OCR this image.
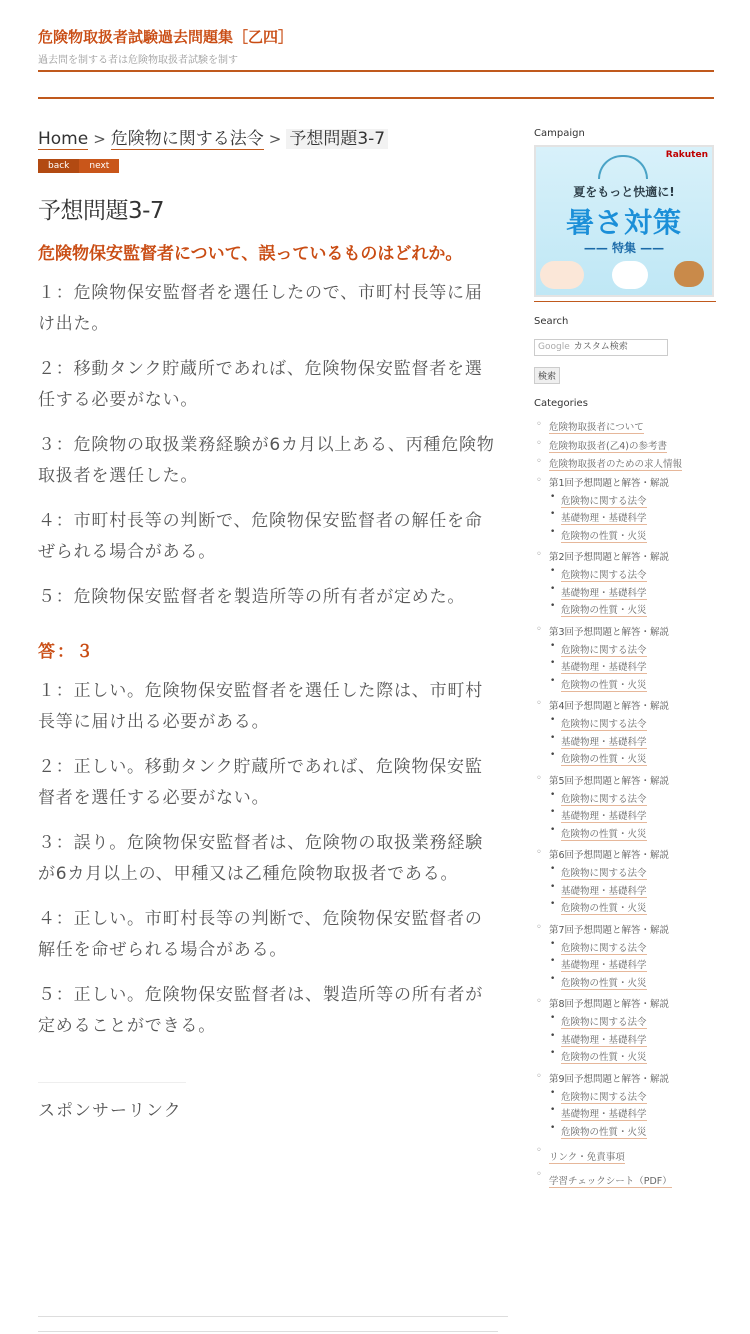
危険物取扱者試験過去問題集［乙四］
過去問を制する者は危険物取扱者試験を制す
Home > 危険物に関する法令 > 予想問題3-7
back	next
予想問題3-7
危険物保安監督者について、誤っているものはどれか。
１：危険物保安監督者を選任したので、市町村長等に届け出た。
２：移動タンク貯蔵所であれば、危険物保安監督者を選任する必要がない。
３：危険物の取扱業務経験が6カ月以上ある、丙種危険物取扱者を選任した。
４：市町村長等の判断で、危険物保安監督者の解任を命ぜられる場合がある。
５：危険物保安監督者を製造所等の所有者が定めた。
答：３
１：正しい。危険物保安監督者を選任した際は、市町村長等に届け出る必要がある。
２：正しい。移動タンク貯蔵所であれば、危険物保安監督者を選任する必要がない。
３：誤り。危険物保安監督者は、危険物の取扱業務経験が6カ月以上の、甲種又は乙種危険物取扱者である。
４：正しい。市町村長等の判断で、危険物保安監督者の解任を命ぜられる場合がある。
５：正しい。危険物保安監督者は、製造所等の所有者が定めることができる。
スポンサーリンク
Campaign
Rakuten
夏をもっと快適に!
暑さ対策
—— 特集 ——
Search
Google カスタム検索
検索
Categories
◦ 危険物取扱者について
◦ 危険物取扱者(乙4)の参考書
◦ 危険物取扱者のための求人情報
◦ 第1回予想問題と解答・解説
• 危険物に関する法令
• 基礎物理・基礎科学
• 危険物の性質・火災
◦ 第2回予想問題と解答・解説
• 危険物に関する法令
• 基礎物理・基礎科学
• 危険物の性質・火災
◦ 第3回予想問題と解答・解説
• 危険物に関する法令
• 基礎物理・基礎科学
• 危険物の性質・火災
◦ 第4回予想問題と解答・解説
• 危険物に関する法令
• 基礎物理・基礎科学
• 危険物の性質・火災
◦ 第5回予想問題と解答・解説
• 危険物に関する法令
• 基礎物理・基礎科学
• 危険物の性質・火災
◦ 第6回予想問題と解答・解説
• 危険物に関する法令
• 基礎物理・基礎科学
• 危険物の性質・火災
◦ 第7回予想問題と解答・解説
• 危険物に関する法令
• 基礎物理・基礎科学
• 危険物の性質・火災
◦ 第8回予想問題と解答・解説
• 危険物に関する法令
• 基礎物理・基礎科学
• 危険物の性質・火災
◦ 第9回予想問題と解答・解説
• 危険物に関する法令
• 基礎物理・基礎科学
• 危険物の性質・火災
◦ リンク・免責事項
◦ 学習チェックシート（PDF）
